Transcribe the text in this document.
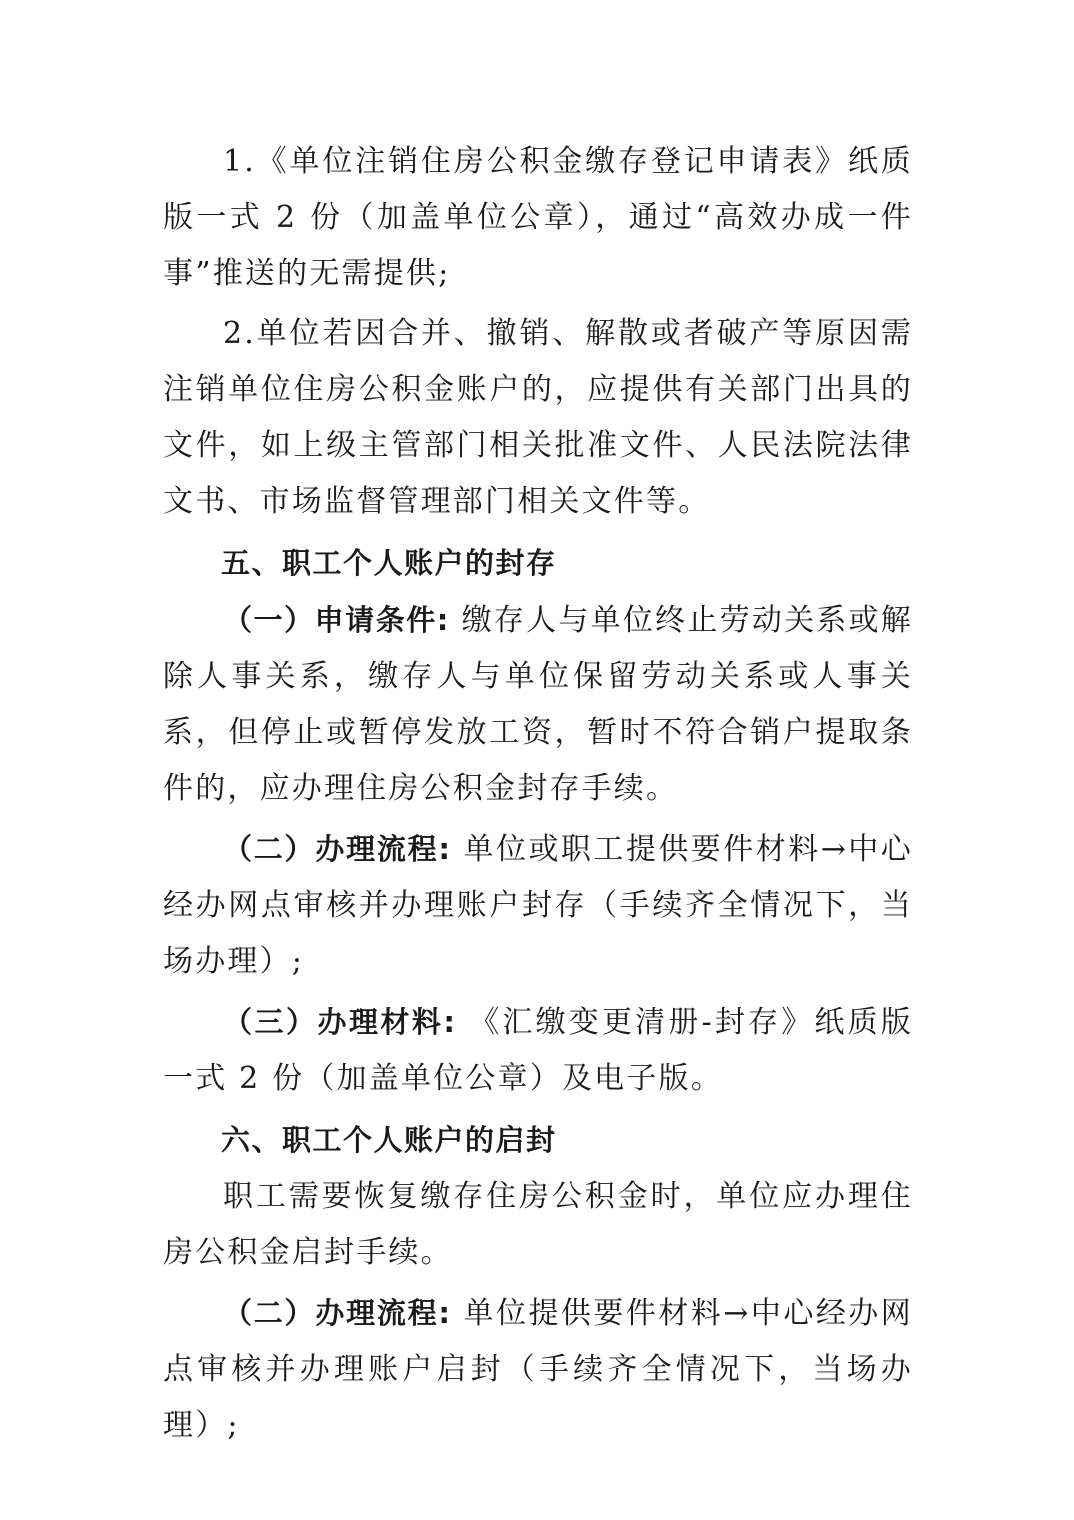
1.《单位注销住房公积金缴存登记申请表》纸质版一式 2 份（加盖单位公章），通过“高效办成一件事”推送的无需提供;

2.单位若因合并、撤销、解散或者破产等原因需注销单位住房公积金账户的，应提供有关部门出具的文件，如上级主管部门相关批准文件、人民法院法律文书、市场监督管理部门相关文件等。

五、职工个人账户的封存

（一）申请条件: 缴存人与单位终止劳动关系或解除人事关系，缴存人与单位保留劳动关系或人事关系，但停止或暂停发放工资，暂时不符合销户提取条件的，应办理住房公积金封存手续。

（二）办理流程: 单位或职工提供要件材料→中心经办网点审核并办理账户封存（手续齐全情况下，当场办理）;

（三）办理材料: 《汇缴变更清册-封存》纸质版一式 2 份（加盖单位公章）及电子版。

六、职工个人账户的启封

职工需要恢复缴存住房公积金时，单位应办理住房公积金启封手续。

（二）办理流程: 单位提供要件材料→中心经办网点审核并办理账户启封（手续齐全情况下，当场办理）;
